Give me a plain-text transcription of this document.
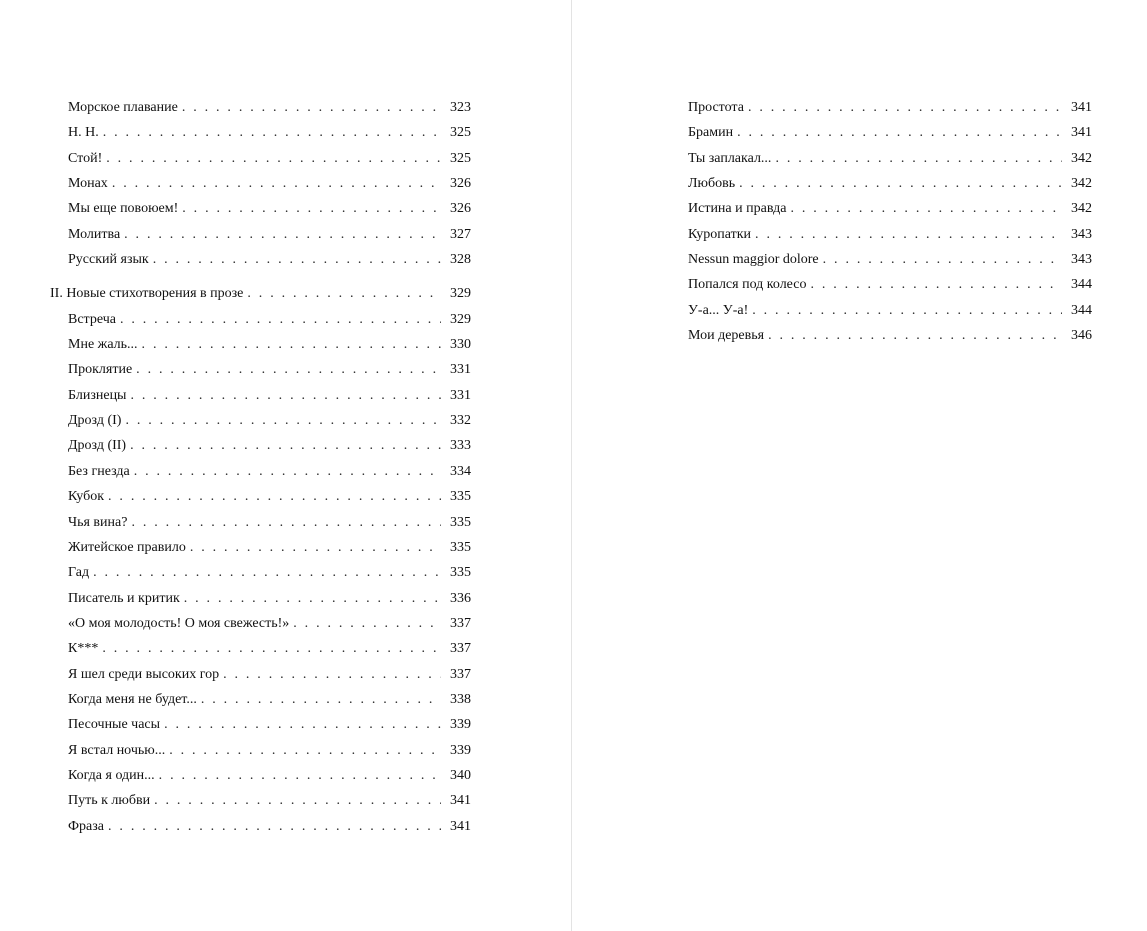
Морское плавание . . .	323
Н. Н. . . .	325
Стой! . . .	325
Монах . . .	326
Мы еще повоюем! . . .	326
Молитва . . .	327
Русский язык . . .	328
II. Новые стихотворения в прозе . . .	329
Встреча . . .	329
Мне жаль... . . .	330
Проклятие . . .	331
Близнецы . . .	331
Дрозд (I) . . .	332
Дрозд (II) . . .	333
Без гнезда . . .	334
Кубок . . .	335
Чья вина? . . .	335
Житейское правило . . .	335
Гад . . .	335
Писатель и критик . . .	336
«О моя молодость! О моя свежесть!» . . .	337
К*** . . .	337
Я шел среди высоких гор . . .	337
Когда меня не будет... . . .	338
Песочные часы . . .	339
Я встал ночью... . . .	339
Когда я один... . . .	340
Путь к любви . . .	341
Фраза . . .	341
Простота . . .	341
Брамин . . .	341
Ты заплакал... . . .	342
Любовь . . .	342
Истина и правда . . .	342
Куропатки . . .	343
Nessun maggior dolore . . .	343
Попался под колесо . . .	344
У-а... У-а! . . .	344
Мои деревья . . .	346
